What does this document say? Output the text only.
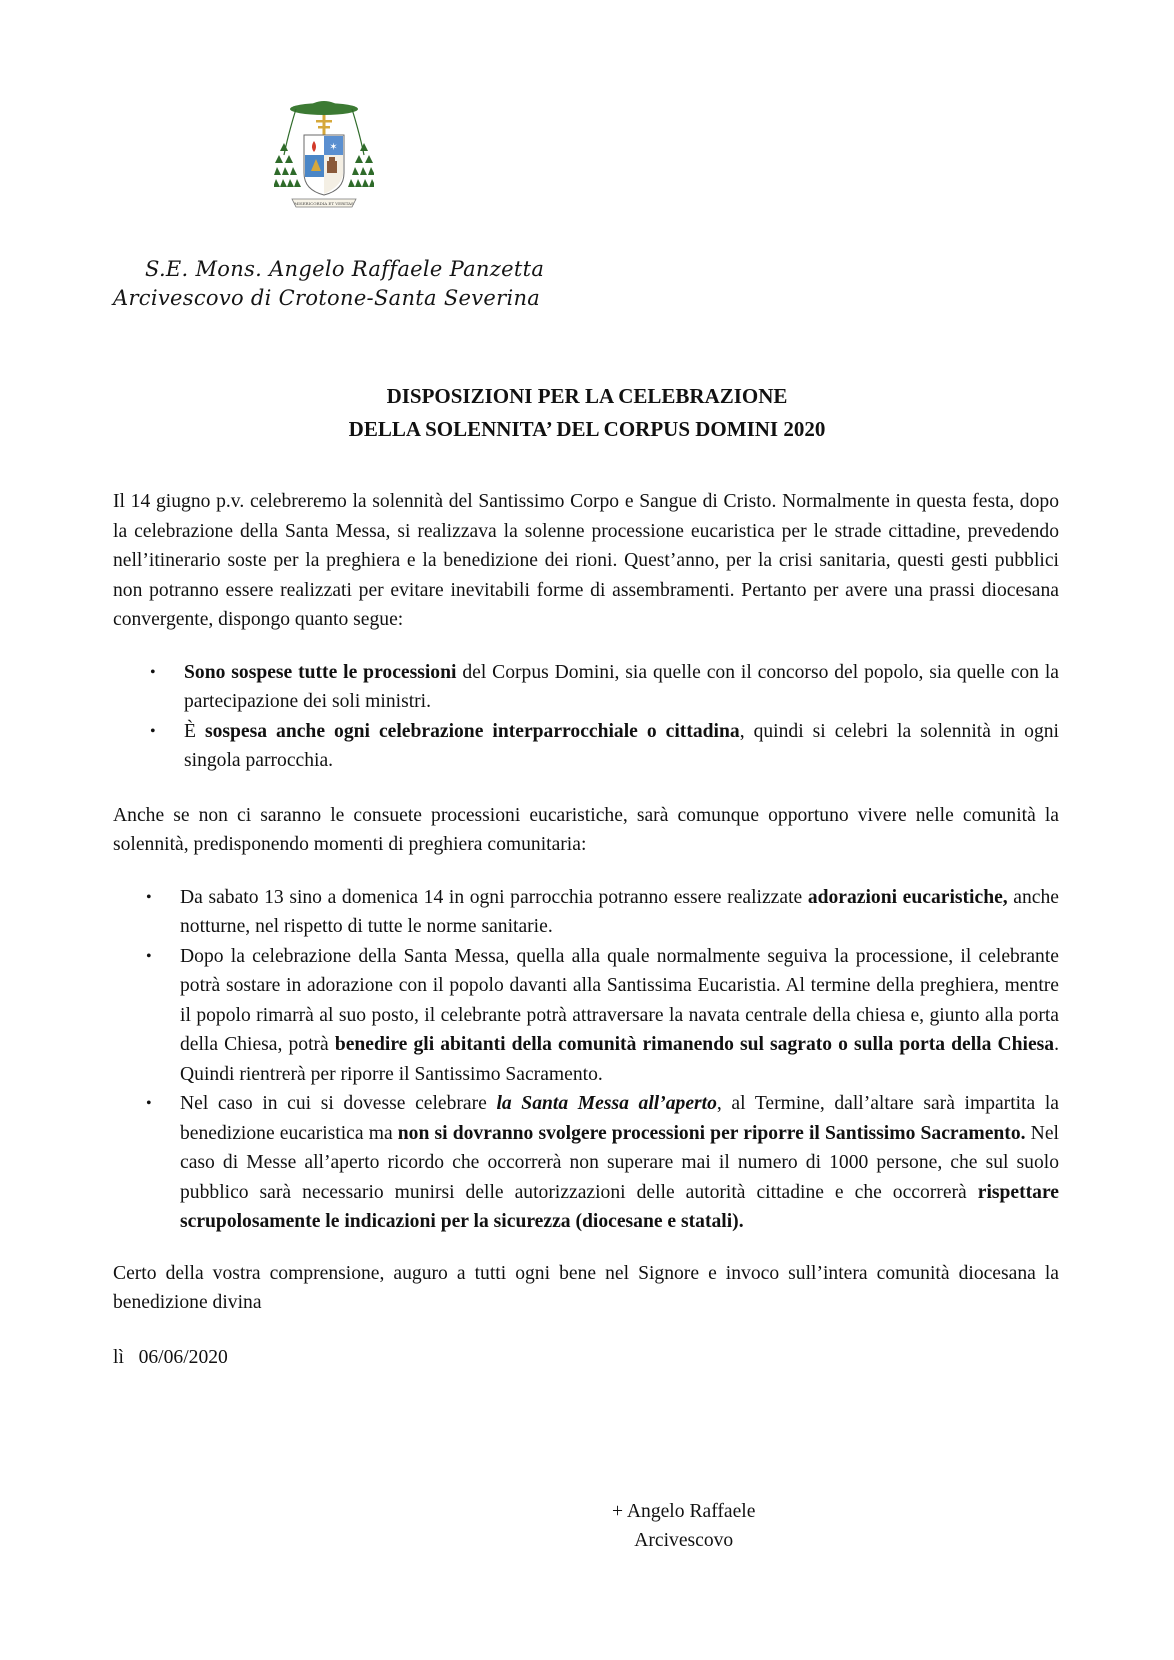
✶
MISERICORDIA ET VERITAS
S.E. Mons. Angelo Raffaele Panzetta
Arcivescovo di Crotone-Santa Severina
DISPOSIZIONI PER LA CELEBRAZIONE
DELLA SOLENNITA’ DEL CORPUS DOMINI 2020

Il 14 giugno p.v. celebreremo la solennità del Santissimo Corpo e Sangue di Cristo. Normalmente in questa festa, dopo la celebrazione della Santa Messa, si realizzava la solenne processione eucaristica per le strade cittadine, prevedendo nell’itinerario soste per la preghiera e la benedizione dei rioni. Quest’anno, per la crisi sanitaria, questi gesti pubblici non potranno essere realizzati per evitare inevitabili forme di assembramenti. Pertanto per avere una prassi diocesana convergente, dispongo quanto segue:

• Sono sospese tutte le processioni del Corpus Domini, sia quelle con il concorso del popolo, sia quelle con la partecipazione dei soli ministri.
• È sospesa anche ogni celebrazione interparrocchiale o cittadina, quindi si celebri la solennità in ogni singola parrocchia.

Anche se non ci saranno le consuete processioni eucaristiche, sarà comunque opportuno vivere nelle comunità la solennità, predisponendo momenti di preghiera comunitaria:

• Da sabato 13 sino a domenica 14 in ogni parrocchia potranno essere realizzate adorazioni eucaristiche, anche notturne, nel rispetto di tutte le norme sanitarie.
• Dopo la celebrazione della Santa Messa, quella alla quale normalmente seguiva la processione, il celebrante potrà sostare in adorazione con il popolo davanti alla Santissima Eucaristia. Al termine della preghiera, mentre il popolo rimarrà al suo posto, il celebrante potrà attraversare la navata centrale della chiesa e, giunto alla porta della Chiesa, potrà benedire gli abitanti della comunità rimanendo sul sagrato o sulla porta della Chiesa. Quindi rientrerà per riporre il Santissimo Sacramento.
• Nel caso in cui si dovesse celebrare la Santa Messa all’aperto, al Termine, dall’altare sarà impartita la benedizione eucaristica ma non si dovranno svolgere processioni per riporre il Santissimo Sacramento. Nel caso di Messe all’aperto ricordo che occorrerà non superare mai il numero di 1000 persone, che sul suolo pubblico sarà necessario munirsi delle autorizzazioni delle autorità cittadine e che occorrerà rispettare scrupolosamente le indicazioni per la sicurezza (diocesane e statali).

Certo della vostra comprensione, auguro a tutti ogni bene nel Signore e invoco sull’intera comunità diocesana la benedizione divina

lì   06/06/2020

+ Angelo Raffaele
Arcivescovo
